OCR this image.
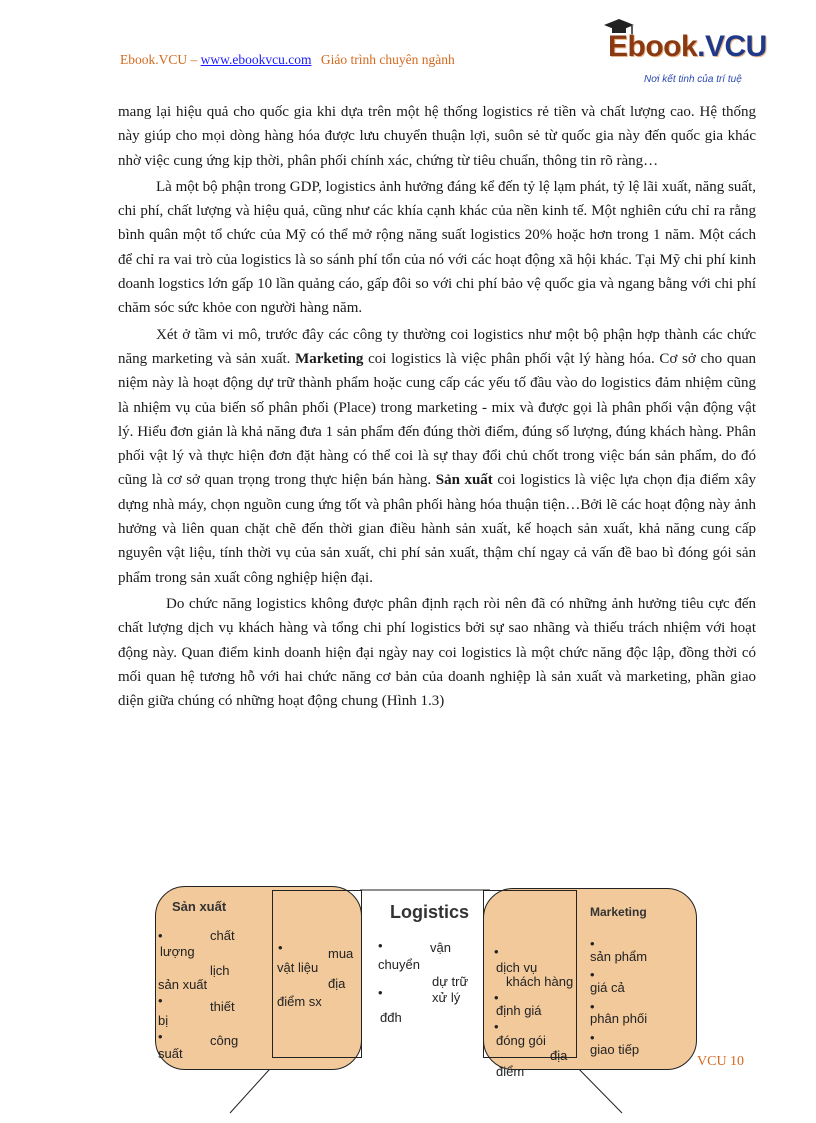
Ebook.VCU – www.ebookvcu.com Giáo trình chuyên ngành	Ebook.VCU
Nơi kết tinh của trí tuệ

mang lại hiệu quả cho quốc gia khi dựa trên một hệ thống logistics rẻ tiền và chất lượng cao. Hệ thống này giúp cho mọi dòng hàng hóa được lưu chuyển thuận lợi, suôn sẻ từ quốc gia này đến quốc gia khác nhờ việc cung ứng kịp thời, phân phối chính xác, chứng từ tiêu chuẩn, thông tin rõ ràng…

Là một bộ phận trong GDP, logistics ảnh hưởng đáng kể đến tỷ lệ lạm phát, tỷ lệ lãi xuất, năng suất, chi phí, chất lượng và hiệu quả, cũng như các khía cạnh khác của nền kinh tế. Một nghiên cứu chỉ ra rằng bình quân một tổ chức của Mỹ có thể mở rộng năng suất logistics 20% hoặc hơn trong 1 năm. Một cách để chỉ ra vai trò của logistics là so sánh phí tổn của nó với các hoạt động xã hội khác. Tại Mỹ chi phí kinh doanh logstics lớn gấp 10 lần quảng cáo, gấp đôi so với chi phí bảo vệ quốc gia và ngang bằng với chi phí chăm sóc sức khỏe con người hàng năm.

Xét ở tầm vi mô, trước đây các công ty thường coi logistics như một bộ phận hợp thành các chức năng marketing và sản xuất. Marketing coi logistics là việc phân phối vật lý hàng hóa. Cơ sở cho quan niệm này là hoạt động dự trữ thành phẩm hoặc cung cấp các yếu tố đầu vào do logistics đảm nhiệm cũng là nhiệm vụ của biến số phân phối (Place) trong marketing - mix và được gọi là phân phối vận động vật lý. Hiểu đơn giản là khả năng đưa 1 sản phẩm đến đúng thời điểm, đúng số lượng, đúng khách hàng. Phân phối vật lý và thực hiện đơn đặt hàng có thể coi là sự thay đổi chủ chốt trong việc bán sản phẩm, do đó cũng là cơ sở quan trọng trong thực hiện bán hàng. Sản xuất coi logistics là việc lựa chọn địa điểm xây dựng nhà máy, chọn nguồn cung ứng tốt và phân phối hàng hóa thuận tiện…Bởi lẽ các hoạt động này ảnh hưởng và liên quan chặt chẽ đến thời gian điều hành sản xuất, kế hoạch sản xuất, khả năng cung cấp nguyên vật liệu, tính thời vụ của sản xuất, chi phí sản xuất, thậm chí ngay cả vấn đề bao bì đóng gói sản phẩm trong sản xuất công nghiệp hiện đại.

Do chức năng logistics không được phân định rạch ròi nên đã có những ảnh hưởng tiêu cực đến chất lượng dịch vụ khách hàng và tổng chi phí logistics bởi sự sao nhãng và thiếu trách nhiệm với hoạt động này. Quan điểm kinh doanh hiện đại ngày nay coi logistics là một chức năng độc lập, đồng thời có mối quan hệ tương hỗ với hai chức năng cơ bản của doanh nghiệp là sản xuất và marketing, phần giao diện giữa chúng có những hoạt động chung (Hình 1.3)

Sản xuất	Logistics	Marketing
•	chất
lượng
lịch
sản xuất
•	thiết
bị
•	công
suất
•	mua
vật liệu
địa
điểm sx
•	vận
chuyển
dự trữ
xử lý
•
đđh
•
dịch vụ
khách hàng
•
định giá
•
đóng gói
địa
điểm
•
sản phẩm
•
giá cả
•
phân phối
•
giao tiếp
VCU 10
